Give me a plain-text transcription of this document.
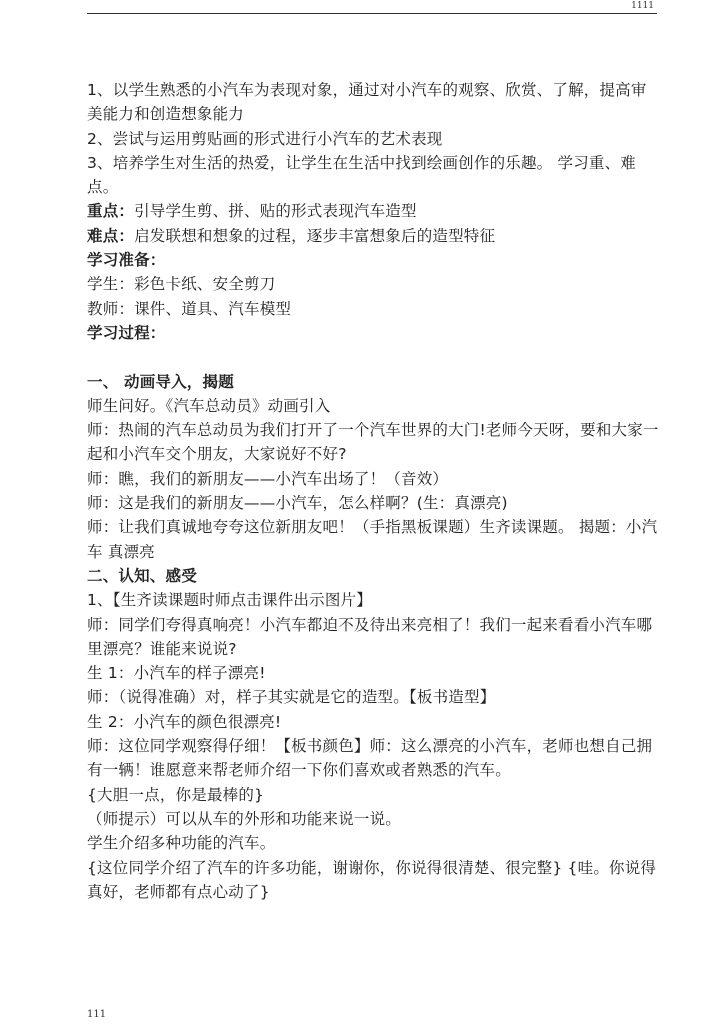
1111

1、以学生熟悉的小汽车为表现对象，通过对小汽车的观察、欣赏、了解，提高审美能力和创造想象能力

2、尝试与运用剪贴画的形式进行小汽车的艺术表现

3、培养学生对生活的热爱，让学生在生活中找到绘画创作的乐趣。 学习重、难点。

重点：引导学生剪、拼、贴的形式表现汽车造型

难点：启发联想和想象的过程，逐步丰富想象后的造型特征

学习准备：

学生：彩色卡纸、安全剪刀

教师：课件、道具、汽车模型

学习过程：

一、 动画导入，揭题

师生问好。《汽车总动员》动画引入

师：热闹的汽车总动员为我们打开了一个汽车世界的大门!老师今天呀，要和大家一起和小汽车交个朋友，大家说好不好?

师：瞧，我们的新朋友——小汽车出场了！（音效）

师：这是我们的新朋友——小汽车，怎么样啊？(生：真漂亮)

师：让我们真诚地夸夸这位新朋友吧！（手指黑板课题）生齐读课题。 揭题：小汽车 真漂亮

二、认知、感受

1、【生齐读课题时师点击课件出示图片】

师：同学们夸得真响亮！小汽车都迫不及待出来亮相了！我们一起来看看小汽车哪里漂亮？谁能来说说?

生 1：小汽车的样子漂亮!

师：（说得准确）对，样子其实就是它的造型。【板书造型】

生 2：小汽车的颜色很漂亮!

师：这位同学观察得仔细！【板书颜色】师：这么漂亮的小汽车，老师也想自己拥有一辆！谁愿意来帮老师介绍一下你们喜欢或者熟悉的汽车。

{大胆一点，你是最棒的}

（师提示）可以从车的外形和功能来说一说。

学生介绍多种功能的汽车。

{这位同学介绍了汽车的许多功能，谢谢你，你说得很清楚、很完整} {哇。你说得真好，老师都有点心动了}

111
